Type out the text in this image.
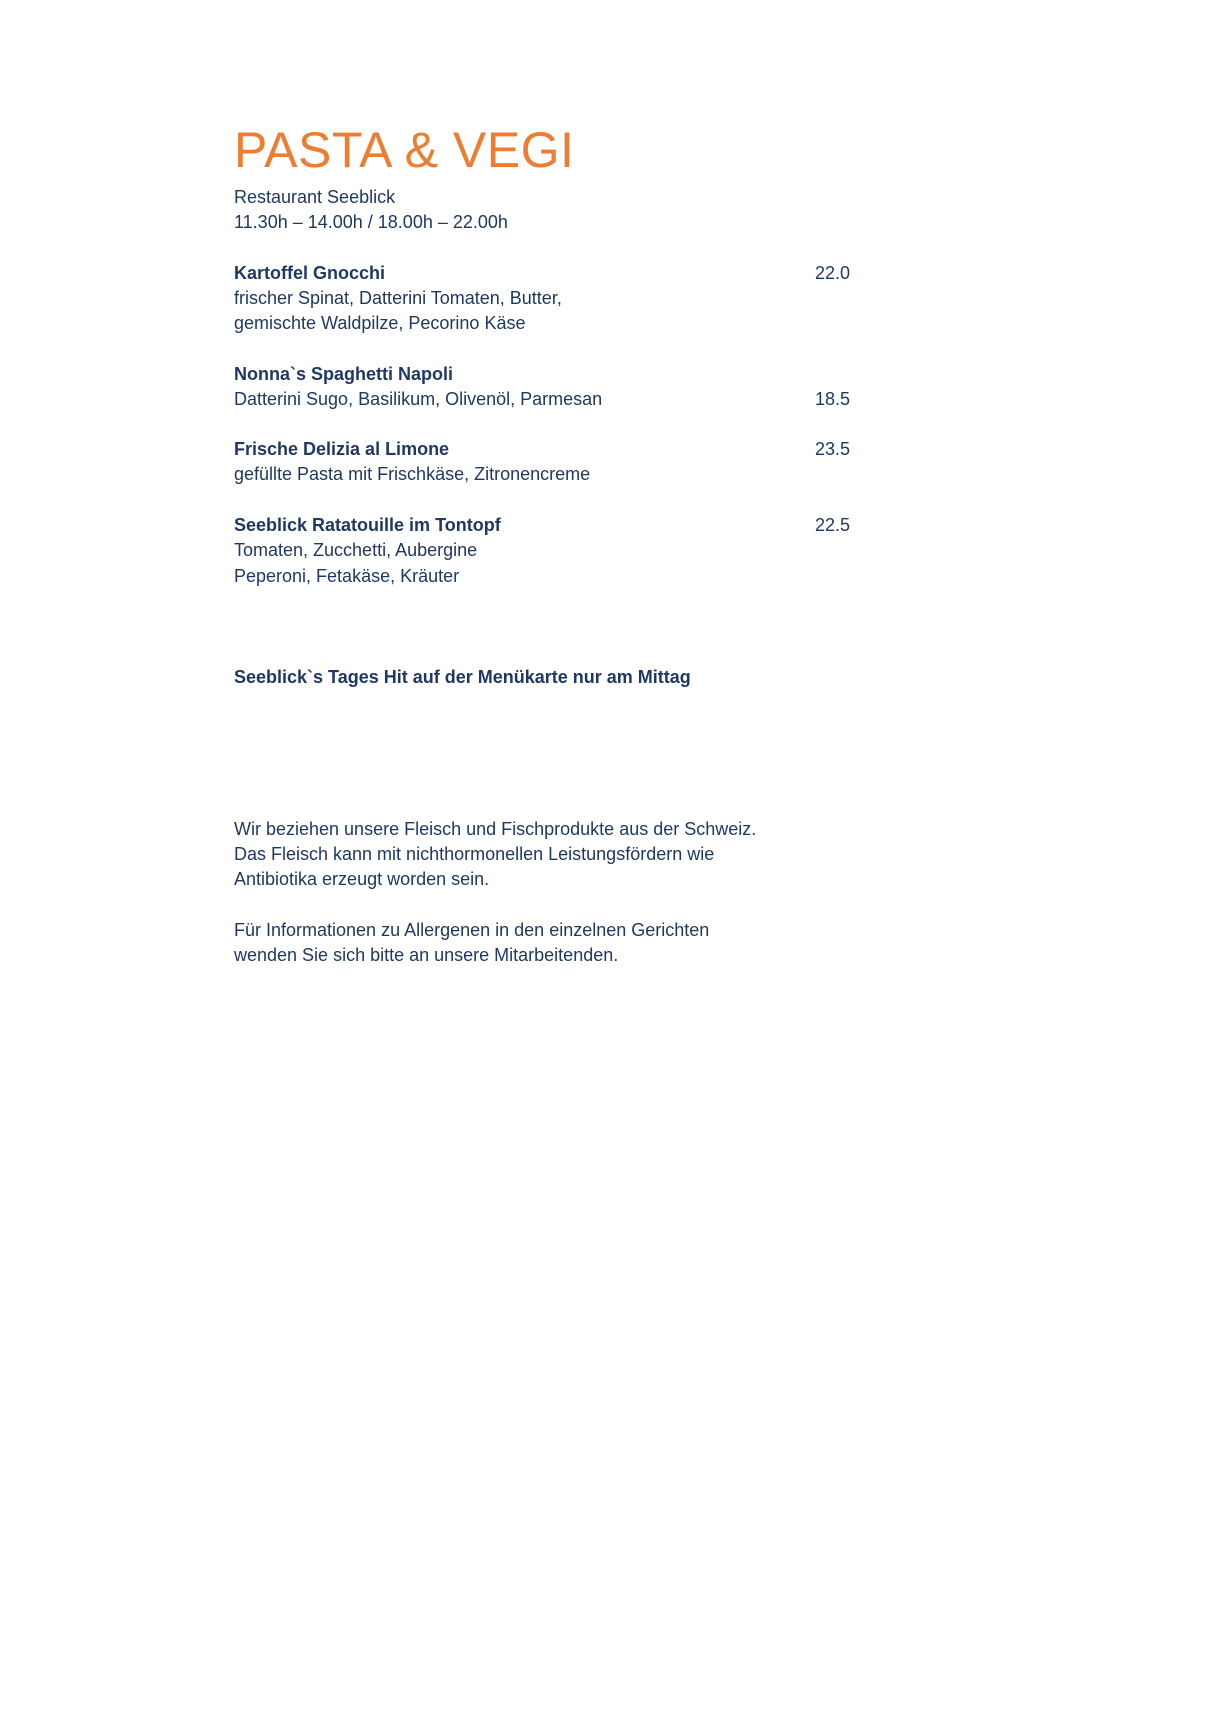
PASTA & VEGI
Restaurant Seeblick
11.30h – 14.00h / 18.00h – 22.00h
Kartoffel Gnocchi	22.0
frischer Spinat, Datterini Tomaten, Butter,
gemischte Waldpilze, Pecorino Käse
Nonna`s Spaghetti Napoli
Datterini Sugo, Basilikum, Olivenöl, Parmesan	18.5
Frische Delizia al Limone	23.5
gefüllte Pasta mit Frischkäse, Zitronencreme
Seeblick Ratatouille im Tontopf	22.5
Tomaten, Zucchetti, Aubergine
Peperoni, Fetakäse, Kräuter
Seeblick`s Tages Hit auf der Menükarte nur am Mittag
Wir beziehen unsere Fleisch und Fischprodukte aus der Schweiz.
Das Fleisch kann mit nichthormonellen Leistungsfördern wie
Antibiotika erzeugt worden sein.
Für Informationen zu Allergenen in den einzelnen Gerichten
wenden Sie sich bitte an unsere Mitarbeitenden.
